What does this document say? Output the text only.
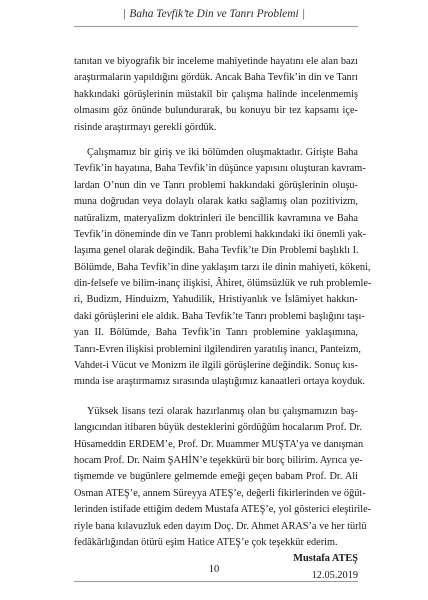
| Baha Tevfik’te Din ve Tanrı Problemi |
tanıtan ve biyografik bir inceleme mahiyetinde hayatını ele alan bazı
araştırmaların yapıldığını gördük. Ancak Baha Tevfik’in din ve Tanrı
hakkındaki görüşlerinin müstakil bir çalışma halinde incelenmemiş
olmasını göz önünde bulundurarak, bu konuyu bir tez kapsamı içe-
risinde araştırmayı gerekli gördük.
Çalışmamız bir giriş ve iki bölümden oluşmaktadır. Girişte Baha
Tevfik’in hayatına, Baha Tevfik’in düşünce yapısını oluşturan kavram-
lardan O’nun din ve Tanrı problemi hakkındaki görüşlerinin oluşu-
muna doğrudan veya dolaylı olarak katkı sağlamış olan pozitivizm,
natüralizm, materyalizm doktrinleri ile bencillik kavramına ve Baha
Tevfik’in döneminde din ve Tanrı problemi hakkındaki iki önemli yak-
laşıma genel olarak değindik. Baha Tevfik’te Din Problemi başlıklı I.
Bölümde, Baha Tevfik’in dine yaklaşım tarzı ile dinin mahiyeti, kökeni,
din-felsefe ve bilim-inanç ilişkisi, Âhiret, ölümsüzlük ve ruh problemle-
ri, Budizm, Hinduizm, Yahudilik, Hristiyanlık ve İslâmiyet hakkın-
daki görüşlerini ele aldık. Baha Tevfik’te Tanrı problemi başlığını taşı-
yan II. Bölümde, Baha Tevfik’in Tanrı problemine yaklaşımına,
Tanrı-Evren ilişkisi problemini ilgilendiren yaratılış inancı, Panteizm,
Vahdet-i Vücut ve Monizm ile ilgili görüşlerine değindik. Sonuç kıs-
mında ise araştırmamız sırasında ulaştığımız kanaatleri ortaya koyduk.
Yüksek lisans tezi olarak hazırlanmış olan bu çalışmamızın baş-
langıcından itibaren büyük desteklerini gördüğüm hocalarım Prof. Dr.
Hüsameddin ERDEM’e, Prof. Dr. Muammer MUŞTA’ya ve danışman
hocam Prof. Dr. Naim ŞAHİN’e teşekkürü bir borç bilirim. Ayrıca ye-
tişmemde ve bugünlere gelmemde emeği geçen babam Prof. Dr. Ali
Osman ATEŞ’e, annem Süreyya ATEŞ’e, değerli fikirlerinden ve öğüt-
lerinden istifade ettiğim dedem Mustafa ATEŞ’e, yol gösterici eleştirile-
riyle bana kılavuzluk eden dayım Doç. Dr. Ahmet ARAS’a ve her türlü
fedâkârlığından ötürü eşim Hatice ATEŞ’e çok teşekkür ederim.
Mustafa ATEŞ
12.05.2019
10
